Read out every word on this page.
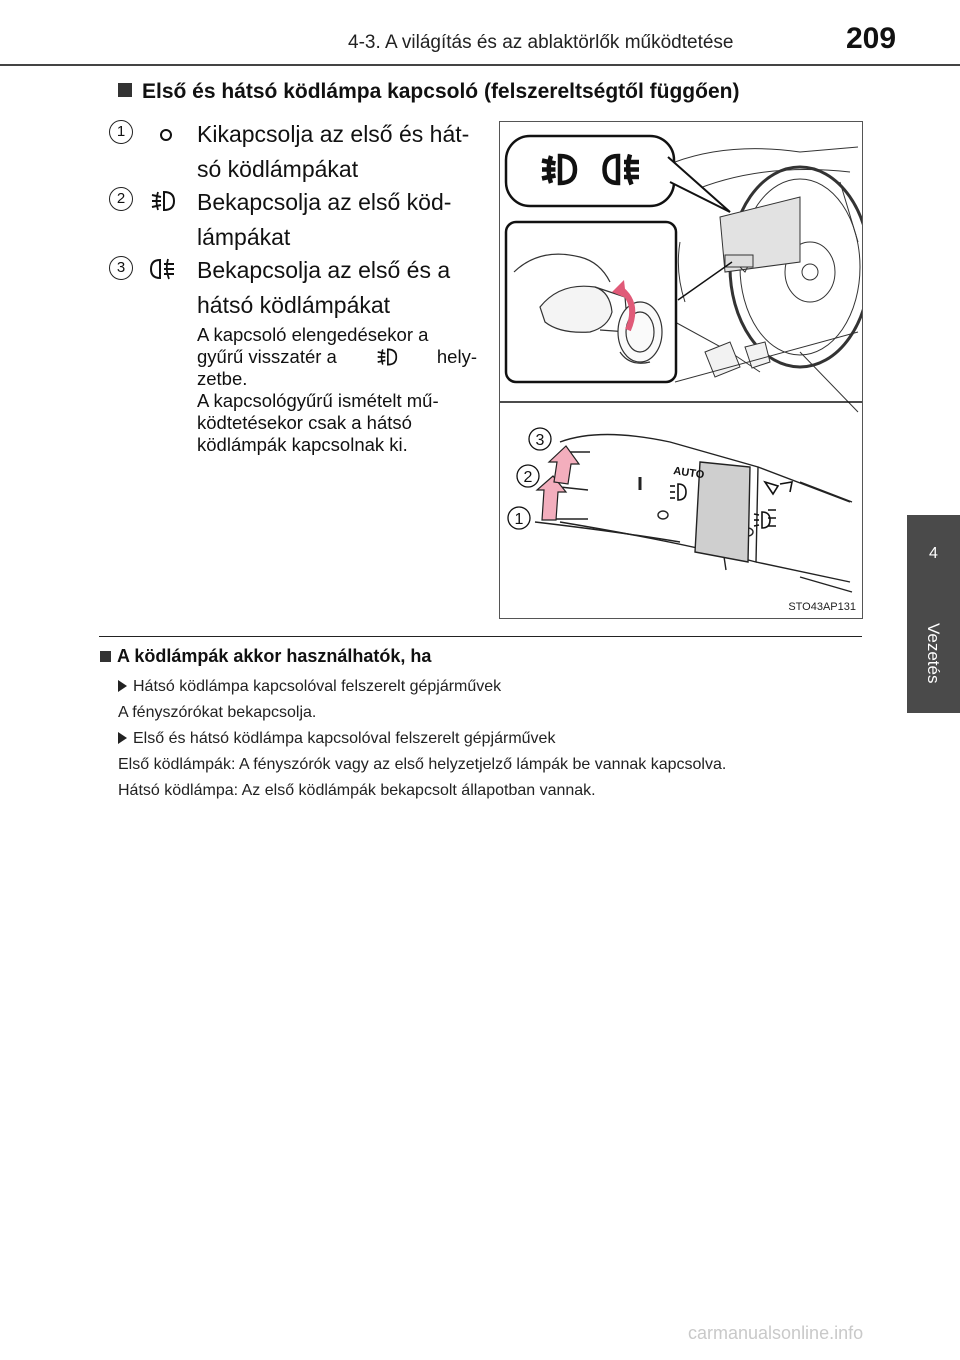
4-3. A világítás és az ablaktörlők működtetése	209
4
Vezetés
Első és hátsó ködlámpa kapcsoló (felszereltségtől függően)
1	Kikapcsolja az első és hát-
só ködlámpákat
2	Bekapcsolja az első köd-
lámpákat
3	Bekapcsolja az első és a
hátsó ködlámpákat
A kapcsoló elengedésekor a
gyűrű visszatér a	hely-
zetbe.
A kapcsológyűrű ismételt mű-
ködtetésekor csak a hátsó
ködlámpák kapcsolnak ki.
AUTO
3
2
1
STO43AP131
A ködlámpák akkor használhatók, ha
Hátsó ködlámpa kapcsolóval felszerelt gépjárművek
A fényszórókat bekapcsolja.
Első és hátsó ködlámpa kapcsolóval felszerelt gépjárművek
Első ködlámpák: A fényszórók vagy az első helyzetjelző lámpák be vannak kapcsolva.
Hátsó ködlámpa: Az első ködlámpák bekapcsolt állapotban vannak.
carmanualsonline.info
